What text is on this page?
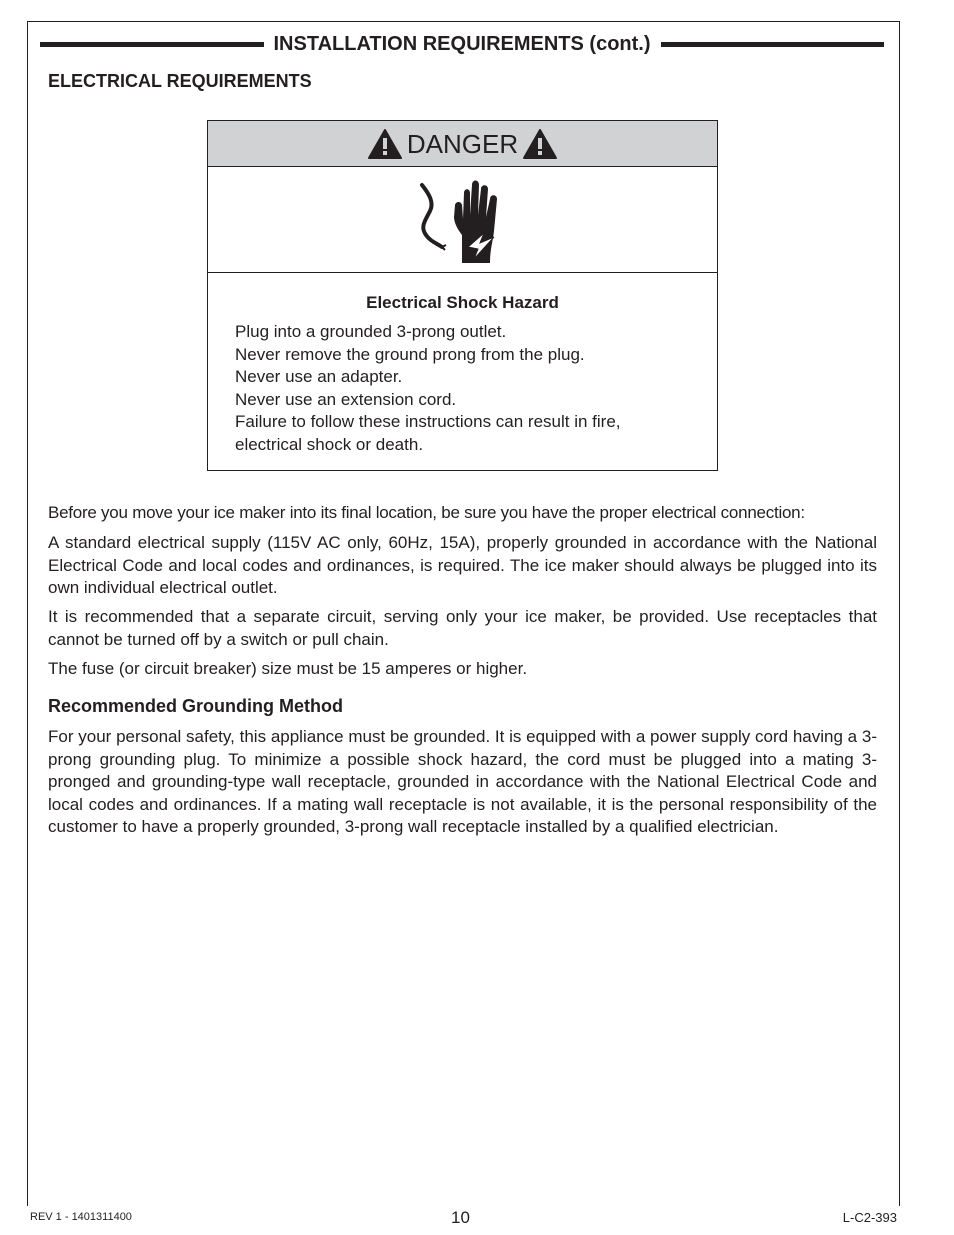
INSTALLATION REQUIREMENTS (cont.)
ELECTRICAL REQUIREMENTS
DANGER
Electrical Shock Hazard
Plug into a grounded 3-prong outlet.
Never remove the ground prong from the plug.
Never use an adapter.
Never use an extension cord.
Failure to follow these instructions can result in fire,
electrical shock or death.
Before you move your ice maker into its final location, be sure you have the proper electrical connection:
A standard electrical supply (115V AC only, 60Hz, 15A), properly grounded in accordance with the National Electrical Code and local codes and ordinances, is required. The ice maker should always be plugged into its own individual electrical outlet.
It is recommended that a separate circuit, serving only your ice maker, be provided. Use receptacles that cannot be turned off by a switch or pull chain.
The fuse (or circuit breaker) size must be 15 amperes or higher.
Recommended Grounding Method
For your personal safety, this appliance must be grounded. It is equipped with a power supply cord having a 3-prong grounding plug. To minimize a possible shock hazard, the cord must be plugged into a mating 3-pronged and grounding-type wall receptacle, grounded in accordance with the National Electrical Code and local codes and ordinances. If a mating wall receptacle is not available, it is the personal responsibility of the customer to have a properly grounded, 3-prong wall receptacle installed by a qualified electrician.
REV 1 - 1401311400	10	L-C2-393
